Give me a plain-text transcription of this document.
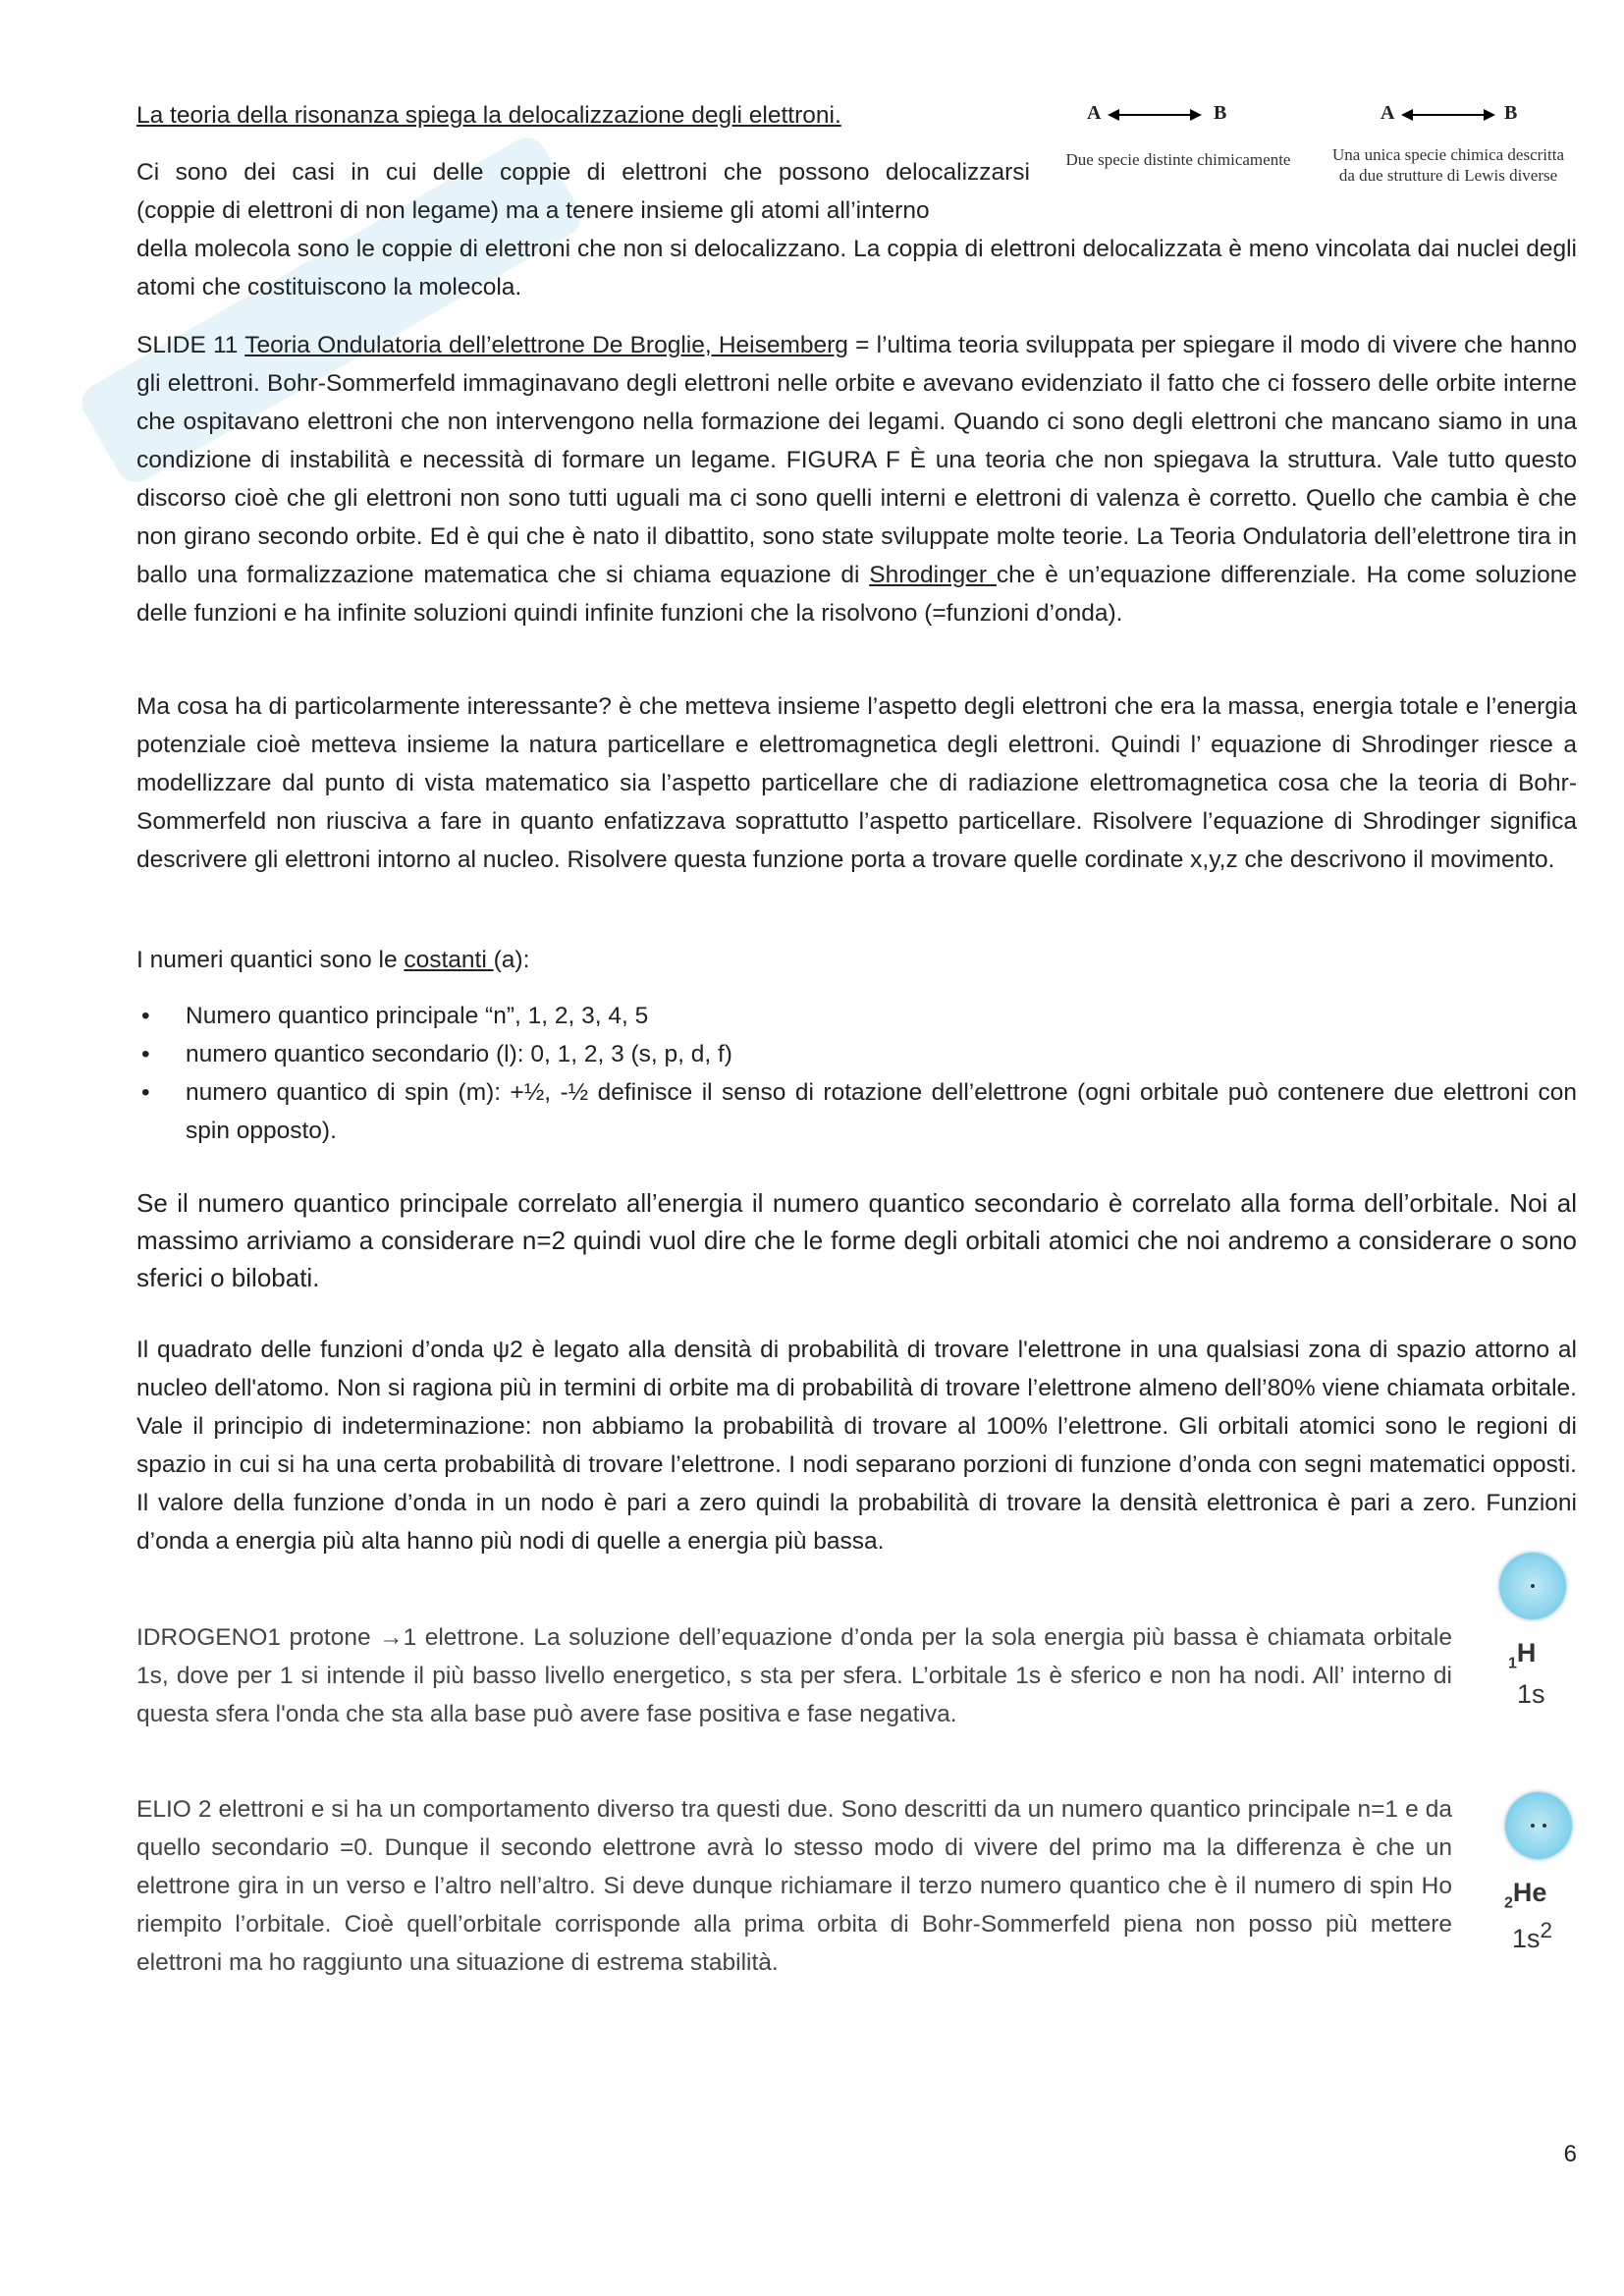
La teoria della risonanza spiega la delocalizzazione degli elettroni.	A	B	A	B
Due specie distinte chimicamente	Una unica specie chimica descritta
da due strutture di Lewis diverse

Ci sono dei casi in cui delle coppie di elettroni che possono delocalizzarsi

(coppie di elettroni di non legame) ma a tenere insieme gli atomi all’interno

della molecola sono le coppie di elettroni che non si delocalizzano. La coppia di elettroni delocalizzata è meno vincolata dai nuclei degli atomi che costituiscono la molecola.

SLIDE 11 Teoria Ondulatoria dell’elettrone De Broglie, Heisemberg = l’ultima teoria sviluppata per spiegare il modo di vivere che hanno gli elettroni. Bohr-Sommerfeld immaginavano degli elettroni nelle orbite e avevano evidenziato il fatto che ci fossero delle orbite interne che ospitavano elettroni che non intervengono nella formazione dei legami. Quando ci sono degli elettroni che mancano siamo in una condizione di instabilità e necessità di formare un legame. FIGURA F È una teoria che non spiegava la struttura. Vale tutto questo discorso cioè che gli elettroni non sono tutti uguali ma ci sono quelli interni e elettroni di valenza è corretto. Quello che cambia è che non girano secondo orbite. Ed è qui che è nato il dibattito, sono state sviluppate molte teorie. La Teoria Ondulatoria dell’elettrone tira in ballo una formalizzazione matematica che si chiama equazione di Shrodinger che è un’equazione differenziale. Ha come soluzione delle funzioni e ha infinite soluzioni quindi infinite funzioni che la risolvono (=funzioni d’onda).

Ma cosa ha di particolarmente interessante? è che metteva insieme l’aspetto degli elettroni che era la massa, energia totale e l’energia potenziale cioè metteva insieme la natura particellare e elettromagnetica degli elettroni. Quindi l’ equazione di Shrodinger riesce a modellizzare dal punto di vista matematico sia l’aspetto particellare che di radiazione elettromagnetica cosa che la teoria di Bohr-Sommerfeld non riusciva a fare in quanto enfatizzava soprattutto l’aspetto particellare. Risolvere l’equazione di Shrodinger significa descrivere gli elettroni intorno al nucleo. Risolvere questa funzione porta a trovare quelle cordinate x,y,z che descrivono il movimento.

I numeri quantici sono le costanti (a):

• Numero quantico principale “n”, 1, 2, 3, 4, 5
• numero quantico secondario (l): 0, 1, 2, 3 (s, p, d, f)
• numero quantico di spin (m): +½, -½ definisce il senso di rotazione dell’elettrone (ogni orbitale può contenere due elettroni con spin opposto).

Se il numero quantico principale correlato all’energia il numero quantico secondario è correlato alla forma dell’orbitale. Noi al massimo arriviamo a considerare n=2 quindi vuol dire che le forme degli orbitali atomici che noi andremo a considerare o sono sferici o bilobati.

Il quadrato delle funzioni d’onda ψ2 è legato alla densità di probabilità di trovare l'elettrone in una qualsiasi zona di spazio attorno al nucleo dell'atomo. Non si ragiona più in termini di orbite ma di probabilità di trovare l’elettrone almeno dell’80% viene chiamata orbitale. Vale il principio di indeterminazione: non abbiamo la probabilità di trovare al 100% l’elettrone. Gli orbitali atomici sono le regioni di spazio in cui si ha una certa probabilità di trovare l’elettrone. I nodi separano porzioni di funzione d’onda con segni matematici opposti. Il valore della funzione d’onda in un nodo è pari a zero quindi la probabilità di trovare la densità elettronica è pari a zero. Funzioni d’onda a energia più alta hanno più nodi di quelle a energia più bassa.

IDROGENO1 protone →1 elettrone. La soluzione dell’equazione d’onda per la sola energia più bassa è chiamata orbitale 1s, dove per 1 si intende il più basso livello energetico, s sta per sfera. L’orbitale 1s è sferico e non ha nodi. All’ interno di questa sfera l'onda che sta alla base può avere fase positiva e fase negativa.

ELIO 2 elettroni e si ha un comportamento diverso tra questi due. Sono descritti da un numero quantico principale n=1 e da quello secondario =0. Dunque il secondo elettrone avrà lo stesso modo di vivere del primo ma la differenza è che un elettrone gira in un verso e l’altro nell’altro. Si deve dunque richiamare il terzo numero quantico che è il numero di spin Ho riempito l’orbitale. Cioè quell’orbitale corrisponde alla prima orbita di Bohr-Sommerfeld piena non posso più mettere elettroni ma ho raggiunto una situazione di estrema stabilità.

$_1$H
1s
$_2$He
$1s^2$
6
